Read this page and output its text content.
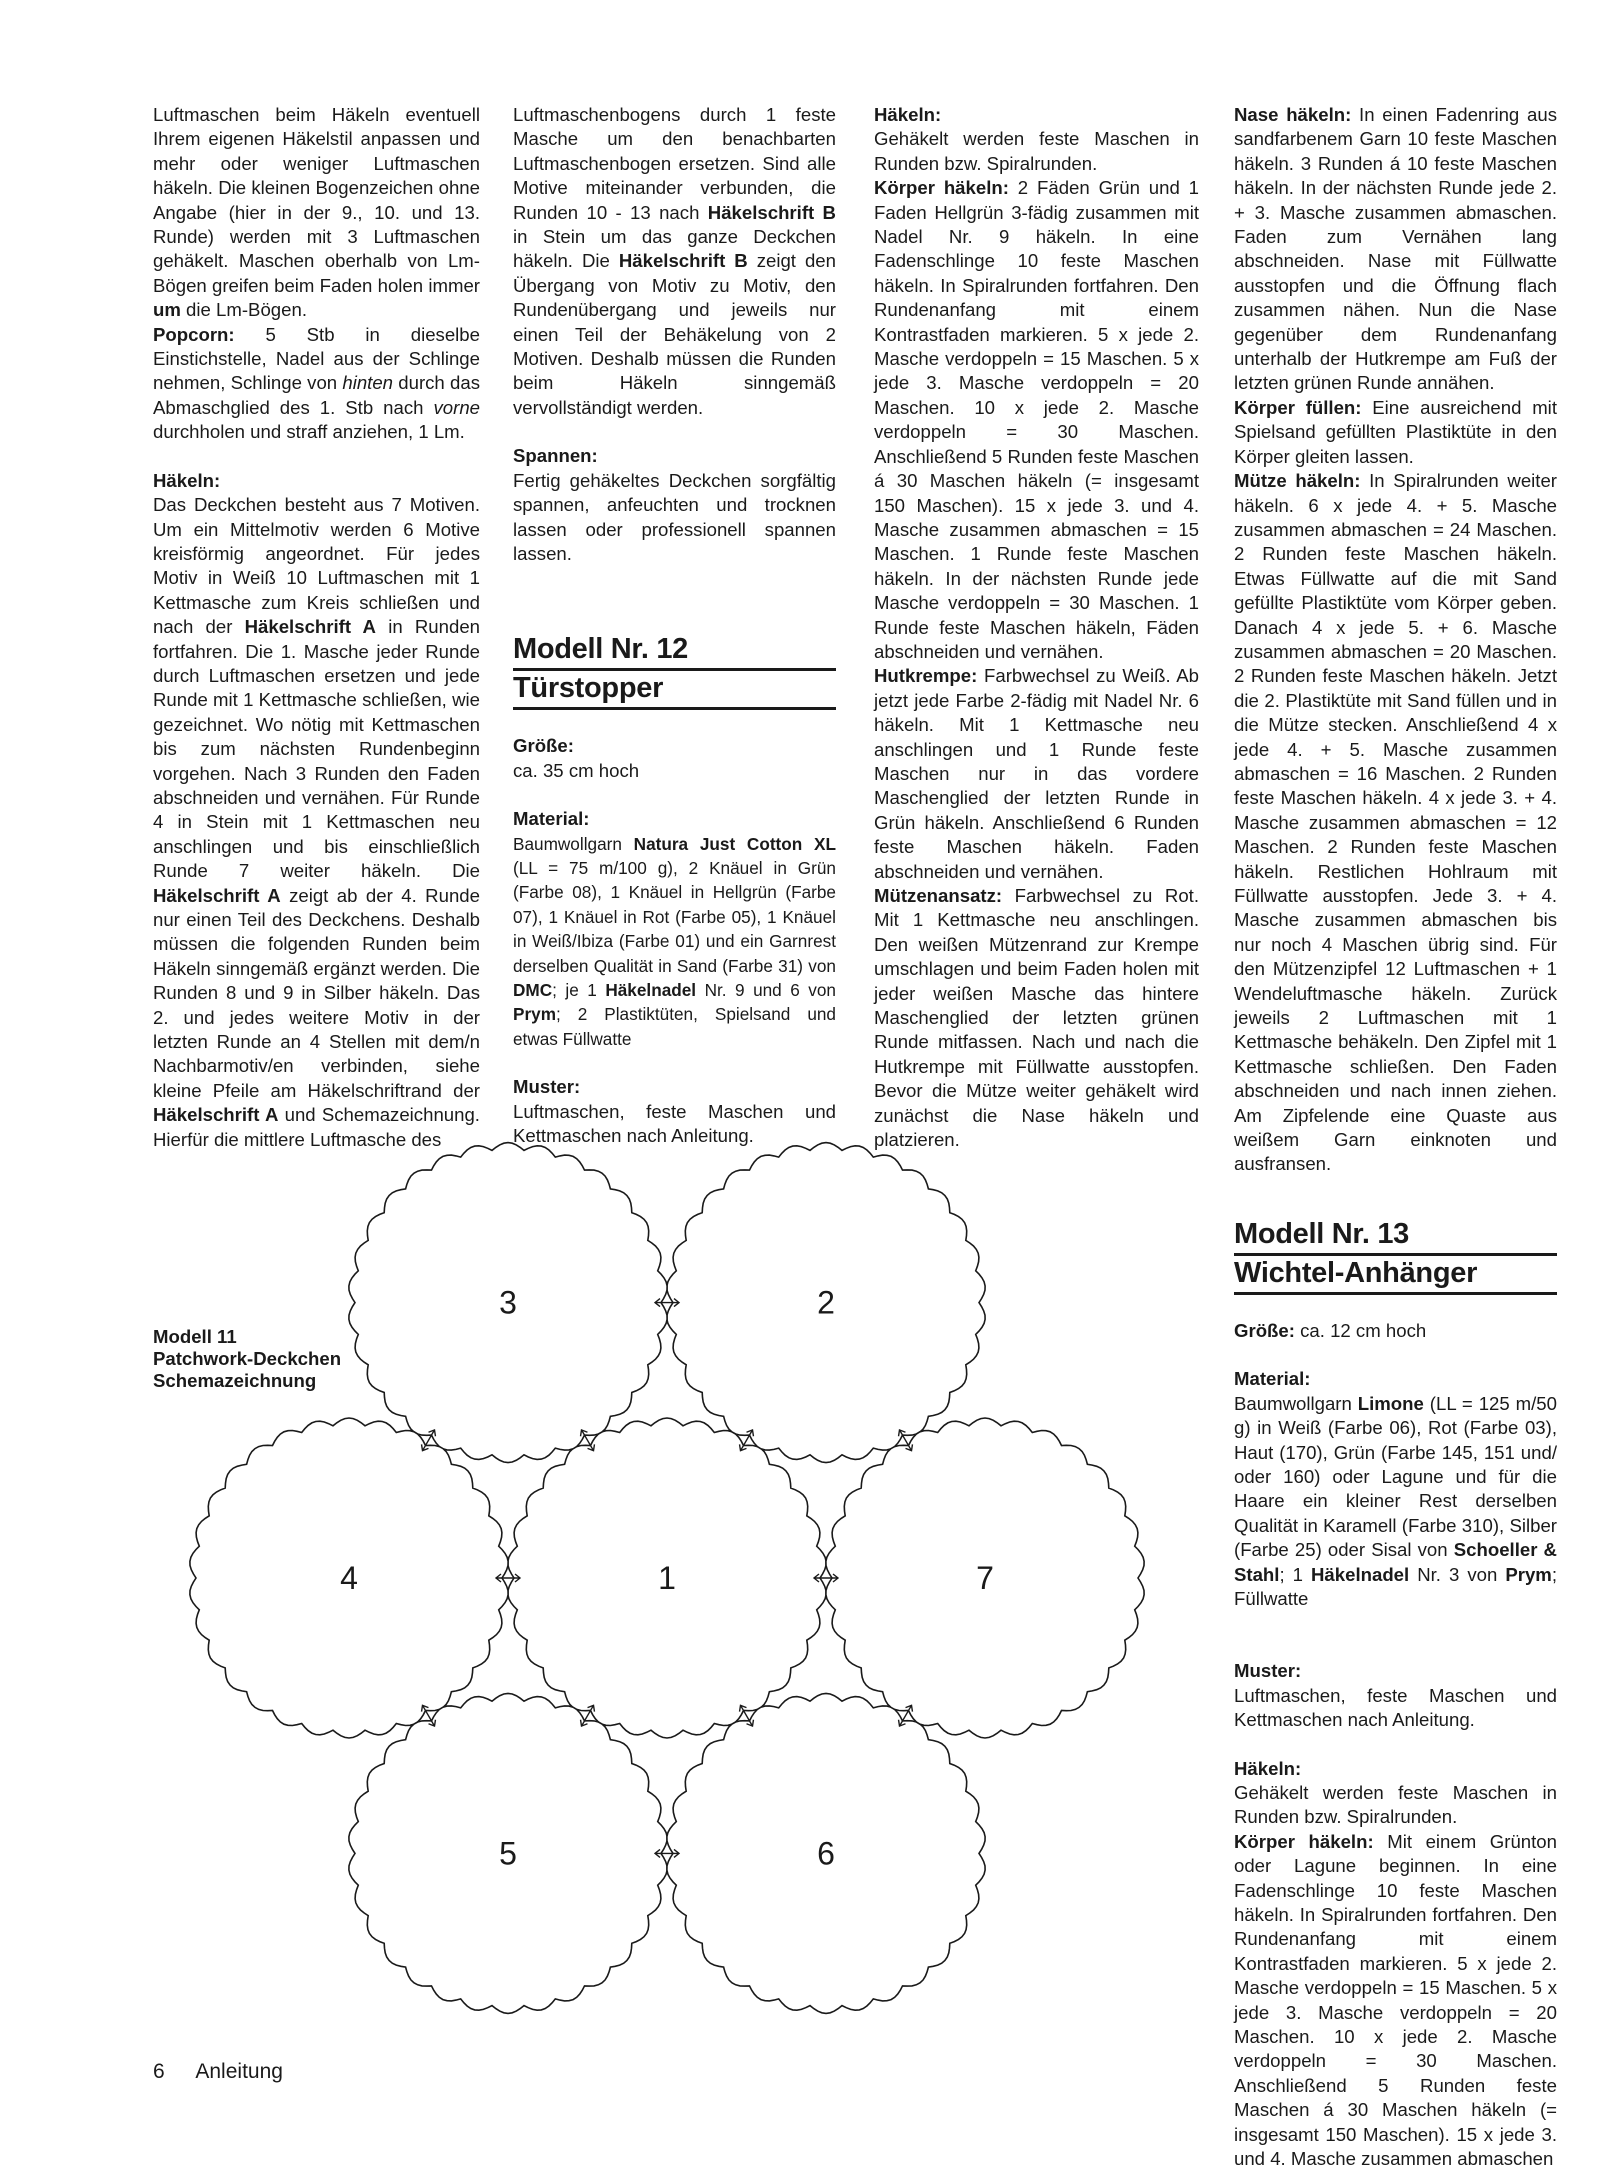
Luftmaschen beim Häkeln eventuell Ihrem eigenen Häkelstil anpassen und mehr oder weniger Luftmaschen häkeln. Die kleinen Bogenzeichen ohne Angabe (hier in der 9., 10. und 13. Runde) werden mit 3 Luftmaschen gehäkelt. Maschen oberhalb von Lm-Bögen greifen beim Faden holen immer um die Lm-Bögen.

Popcorn: 5 Stb in dieselbe Einstichstelle, Nadel aus der Schlinge nehmen, Schlinge von hinten durch das Abmaschglied des 1. Stb nach vorne durchholen und straff anziehen, 1 Lm.

Häkeln:

Das Deckchen besteht aus 7 Motiven. Um ein Mittelmotiv werden 6 Motive kreisförmig angeordnet. Für jedes Motiv in Weiß 10 Luftmaschen mit 1 Kettmasche zum Kreis schließen und nach der Häkelschrift A in Runden fortfahren. Die 1. Masche jeder Runde durch Luftmaschen ersetzen und jede Runde mit 1 Kettmasche schließen, wie gezeichnet. Wo nötig mit Kettmaschen bis zum nächsten Rundenbeginn vorgehen. Nach 3 Runden den Faden abschneiden und vernähen. Für Runde 4 in Stein mit 1 Kettmaschen neu anschlingen und bis einschließlich Runde 7 weiter häkeln. Die Häkelschrift A zeigt ab der 4. Runde nur einen Teil des Deckchens. Deshalb müssen die folgenden Runden beim Häkeln sinngemäß ergänzt werden. Die Runden 8 und 9 in Silber häkeln. Das 2. und jedes weitere Motiv in der letzten Runde an 4 Stellen mit dem/n Nachbarmotiv/en verbinden, siehe kleine Pfeile am Häkelschriftrand der Häkelschrift A und Schemazeichnung. Hierfür die mittlere Luftmasche des

Luftmaschenbogens durch 1 feste Masche um den benachbarten Luftmaschenbogen ersetzen. Sind alle Motive miteinander verbunden, die Runden 10 - 13 nach Häkelschrift B in Stein um das ganze Deckchen häkeln. Die Häkelschrift B zeigt den Übergang von Motiv zu Motiv, den Rundenübergang und jeweils nur einen Teil der Behäkelung von 2 Motiven. Deshalb müssen die Runden beim Häkeln sinngemäß vervollständigt werden.

Spannen:

Fertig gehäkeltes Deckchen sorgfältig spannen, anfeuchten und trocknen lassen oder professionell spannen lassen.

Modell Nr. 12
Türstopper

Größe:

ca. 35 cm hoch

Material:

Baumwollgarn Natura Just Cotton XL (LL = 75 m/100 g), 2 Knäuel in Grün (Farbe 08), 1 Knäuel in Hellgrün (Farbe 07), 1 Knäuel in Rot (Farbe 05), 1 Knäuel in Weiß/Ibiza (Farbe 01) und ein Garnrest derselben Qualität in Sand (Farbe 31) von DMC; je 1 Häkelnadel Nr. 9 und 6 von Prym; 2 Plastiktüten, Spielsand und etwas Füllwatte

Muster:

Luftmaschen, feste Maschen und Kettmaschen nach Anleitung.

Häkeln:

Gehäkelt werden feste Maschen in Runden bzw. Spiralrunden.

Körper häkeln: 2 Fäden Grün und 1 Faden Hellgrün 3-fädig zusammen mit Nadel Nr. 9 häkeln. In eine Fadenschlinge 10 feste Maschen häkeln. In Spiralrunden fortfahren. Den Rundenanfang mit einem Kontrastfaden markieren. 5 x jede 2. Masche verdoppeln = 15 Maschen. 5 x jede 3. Masche verdoppeln = 20 Maschen. 10 x jede 2. Masche verdoppeln = 30 Maschen. Anschließend 5 Runden feste Maschen á 30 Maschen häkeln (= insgesamt 150 Maschen). 15 x jede 3. und 4. Masche zusammen abmaschen = 15 Maschen. 1 Runde feste Maschen häkeln. In der nächsten Runde jede Masche verdoppeln = 30 Maschen. 1 Runde feste Maschen häkeln, Fäden abschneiden und vernähen.

Hutkrempe: Farbwechsel zu Weiß. Ab jetzt jede Farbe 2-fädig mit Nadel Nr. 6 häkeln. Mit 1 Kettmasche neu anschlingen und 1 Runde feste Maschen nur in das vordere Maschenglied der letzten Runde in Grün häkeln. Anschließend 6 Runden feste Maschen häkeln. Faden abschneiden und vernähen.

Mützenansatz: Farbwechsel zu Rot. Mit 1 Kettmasche neu anschlingen. Den weißen Mützenrand zur Krempe umschlagen und beim Faden holen mit jeder weißen Masche das hintere Maschenglied der letzten grünen Runde mitfassen. Nach und nach die Hutkrempe mit Füllwatte ausstopfen. Bevor die Mütze weiter gehäkelt wird zunächst die Nase häkeln und platzieren.

Nase häkeln: In einen Fadenring aus sandfarbenem Garn 10 feste Maschen häkeln. 3 Runden á 10 feste Maschen häkeln. In der nächsten Runde jede 2. + 3. Masche zusammen abmaschen. Faden zum Vernähen lang abschneiden. Nase mit Füllwatte ausstopfen und die Öffnung flach zusammen nähen. Nun die Nase gegenüber dem Rundenanfang unterhalb der Hutkrempe am Fuß der letzten grünen Runde annähen.

Körper füllen: Eine ausreichend mit Spielsand gefüllten Plastiktüte in den Körper gleiten lassen.

Mütze häkeln: In Spiralrunden weiter häkeln. 6 x jede 4. + 5. Masche zusammen abmaschen = 24 Maschen. 2 Runden feste Maschen häkeln. Etwas Füllwatte auf die mit Sand gefüllte Plastiktüte vom Körper geben. Danach 4 x jede 5. + 6. Masche zusammen abmaschen = 20 Maschen. 2 Runden feste Maschen häkeln. Jetzt die 2. Plastiktüte mit Sand füllen und in die Mütze stecken. Anschließend 4 x jede 4. + 5. Masche zusammen abmaschen = 16 Maschen. 2 Runden feste Maschen häkeln. 4 x jede 3. + 4. Masche zusammen abmaschen = 12 Maschen. 2 Runden feste Maschen häkeln. Restlichen Hohlraum mit Füllwatte ausstopfen. Jede 3. + 4. Masche zusammen abmaschen bis nur noch 4 Maschen übrig sind. Für den Mützenzipfel 12 Luftmaschen + 1 Wendeluftmasche häkeln. Zurück jeweils 2 Luftmaschen mit 1 Kettmasche behäkeln. Den Zipfel mit 1 Kettmasche schließen. Den Faden abschneiden und nach innen ziehen. Am Zipfelende eine Quaste aus weißem Garn einknoten und ausfransen.

Modell Nr. 13
Wichtel-Anhänger

Größe: ca. 12 cm hoch

Material:

Baumwollgarn Limone (LL = 125 m/50 g) in Weiß (Farbe 06), Rot (Farbe 03), Haut (170), Grün (Farbe 145, 151 und/ oder 160) oder Lagune und für die Haare ein kleiner Rest derselben Qualität in Karamell (Farbe 310), Silber (Farbe 25) oder Sisal von Schoeller & Stahl; 1 Häkelnadel Nr. 3 von Prym; Füllwatte

Muster:

Luftmaschen, feste Maschen und Kettmaschen nach Anleitung.

Häkeln:

Gehäkelt werden feste Maschen in Runden bzw. Spiralrunden.

Körper häkeln: Mit einem Grünton oder Lagune beginnen. In eine Fadenschlinge 10 feste Maschen häkeln. In Spiralrunden fortfahren. Den Rundenanfang mit einem Kontrastfaden markieren. 5 x jede 2. Masche verdoppeln = 15 Maschen. 5 x jede 3. Masche verdoppeln = 20 Maschen. 10 x jede 2. Masche verdoppeln = 30 Maschen. Anschließend 5 Runden feste Maschen á 30 Maschen häkeln (= insgesamt 150 Maschen). 15 x jede 3. und 4. Masche zusammen abmaschen

Modell 11
Patchwork-Deckchen
Schemazeichnung
1
2
3
4
5	6
7
6 Anleitung
